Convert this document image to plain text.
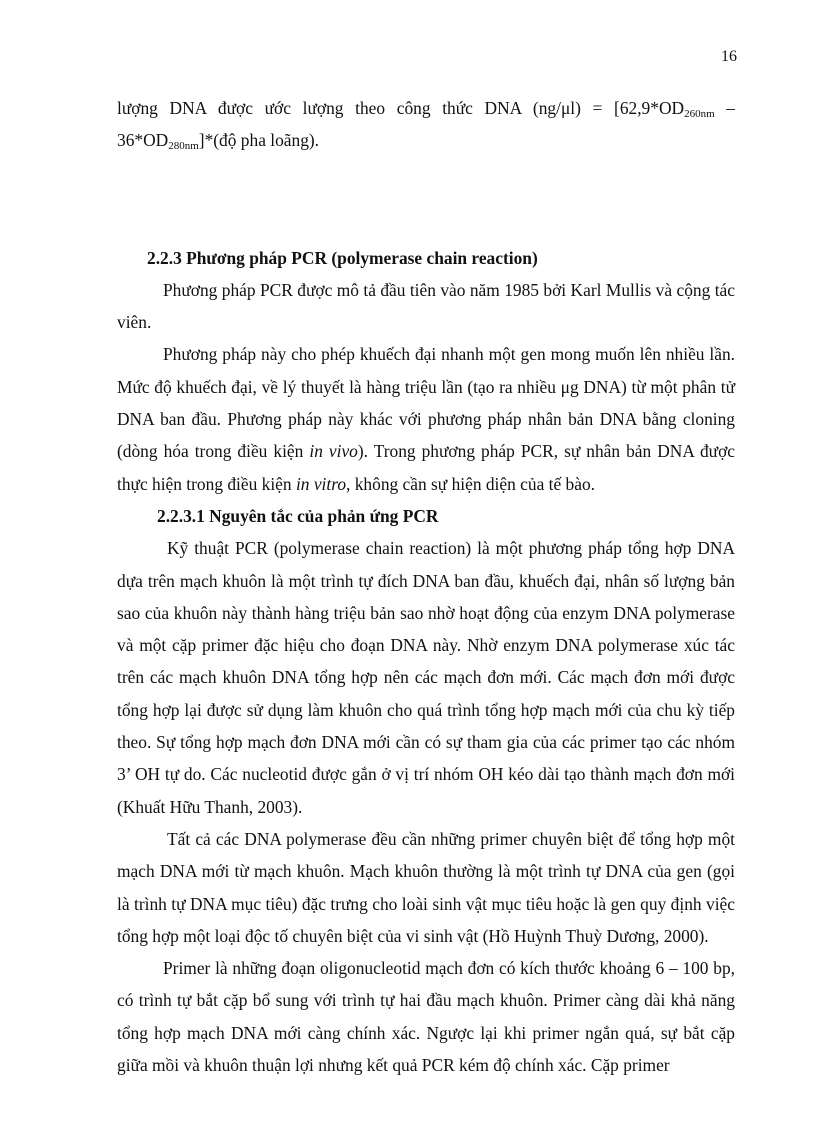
16

lượng DNA được ước lượng theo công thức DNA $(ng/\mu l) = [62,9*OD_{260nm}$ – $36*OD_{280nm}]*(độ$ pha loãng).

2.2.3 Phương pháp PCR (polymerase chain reaction)

Phương pháp PCR được mô tả đầu tiên vào năm 1985 bởi Karl Mullis và cộng tác viên.

Phương pháp này cho phép khuếch đại nhanh một gen mong muốn lên nhiều lần. Mức độ khuếch đại, về lý thuyết là hàng triệu lần (tạo ra nhiều μg DNA) từ một phân tử DNA ban đầu. Phương pháp này khác với phương pháp nhân bản DNA bằng cloning (dòng hóa trong điều kiện in vivo). Trong phương pháp PCR, sự nhân bản DNA được thực hiện trong điều kiện in vitro, không cần sự hiện diện của tế bào.

2.2.3.1 Nguyên tắc của phản ứng PCR

Kỹ thuật PCR (polymerase chain reaction) là một phương pháp tổng hợp DNA dựa trên mạch khuôn là một trình tự đích DNA ban đầu, khuếch đại, nhân số lượng bản sao của khuôn này thành hàng triệu bản sao nhờ hoạt động của enzym DNA polymerase và một cặp primer đặc hiệu cho đoạn DNA này. Nhờ enzym DNA polymerase xúc tác trên các mạch khuôn DNA tổng hợp nên các mạch đơn mới. Các mạch đơn mới được tổng hợp lại được sử dụng làm khuôn cho quá trình tổng hợp mạch mới của chu kỳ tiếp theo. Sự tổng hợp mạch đơn DNA mới cần có sự tham gia của các primer tạo các nhóm 3’ OH tự do. Các nucleotid được gắn ở vị trí nhóm OH kéo dài tạo thành mạch đơn mới (Khuất Hữu Thanh, 2003).

Tất cả các DNA polymerase đều cần những primer chuyên biệt để tổng hợp một mạch DNA mới từ mạch khuôn. Mạch khuôn thường là một trình tự DNA của gen (gọi là trình tự DNA mục tiêu) đặc trưng cho loài sinh vật mục tiêu hoặc là gen quy định việc tổng hợp một loại độc tố chuyên biệt của vi sinh vật (Hồ Huỳnh Thuỳ Dương, 2000).

Primer là những đoạn oligonucleotid mạch đơn có kích thước khoảng 6 – 100 bp, có trình tự bắt cặp bổ sung với trình tự hai đầu mạch khuôn. Primer càng dài khả năng tổng hợp mạch DNA mới càng chính xác. Ngược lại khi primer ngắn quá, sự bắt cặp giữa mồi và khuôn thuận lợi nhưng kết quả PCR kém độ chính xác. Cặp primer
